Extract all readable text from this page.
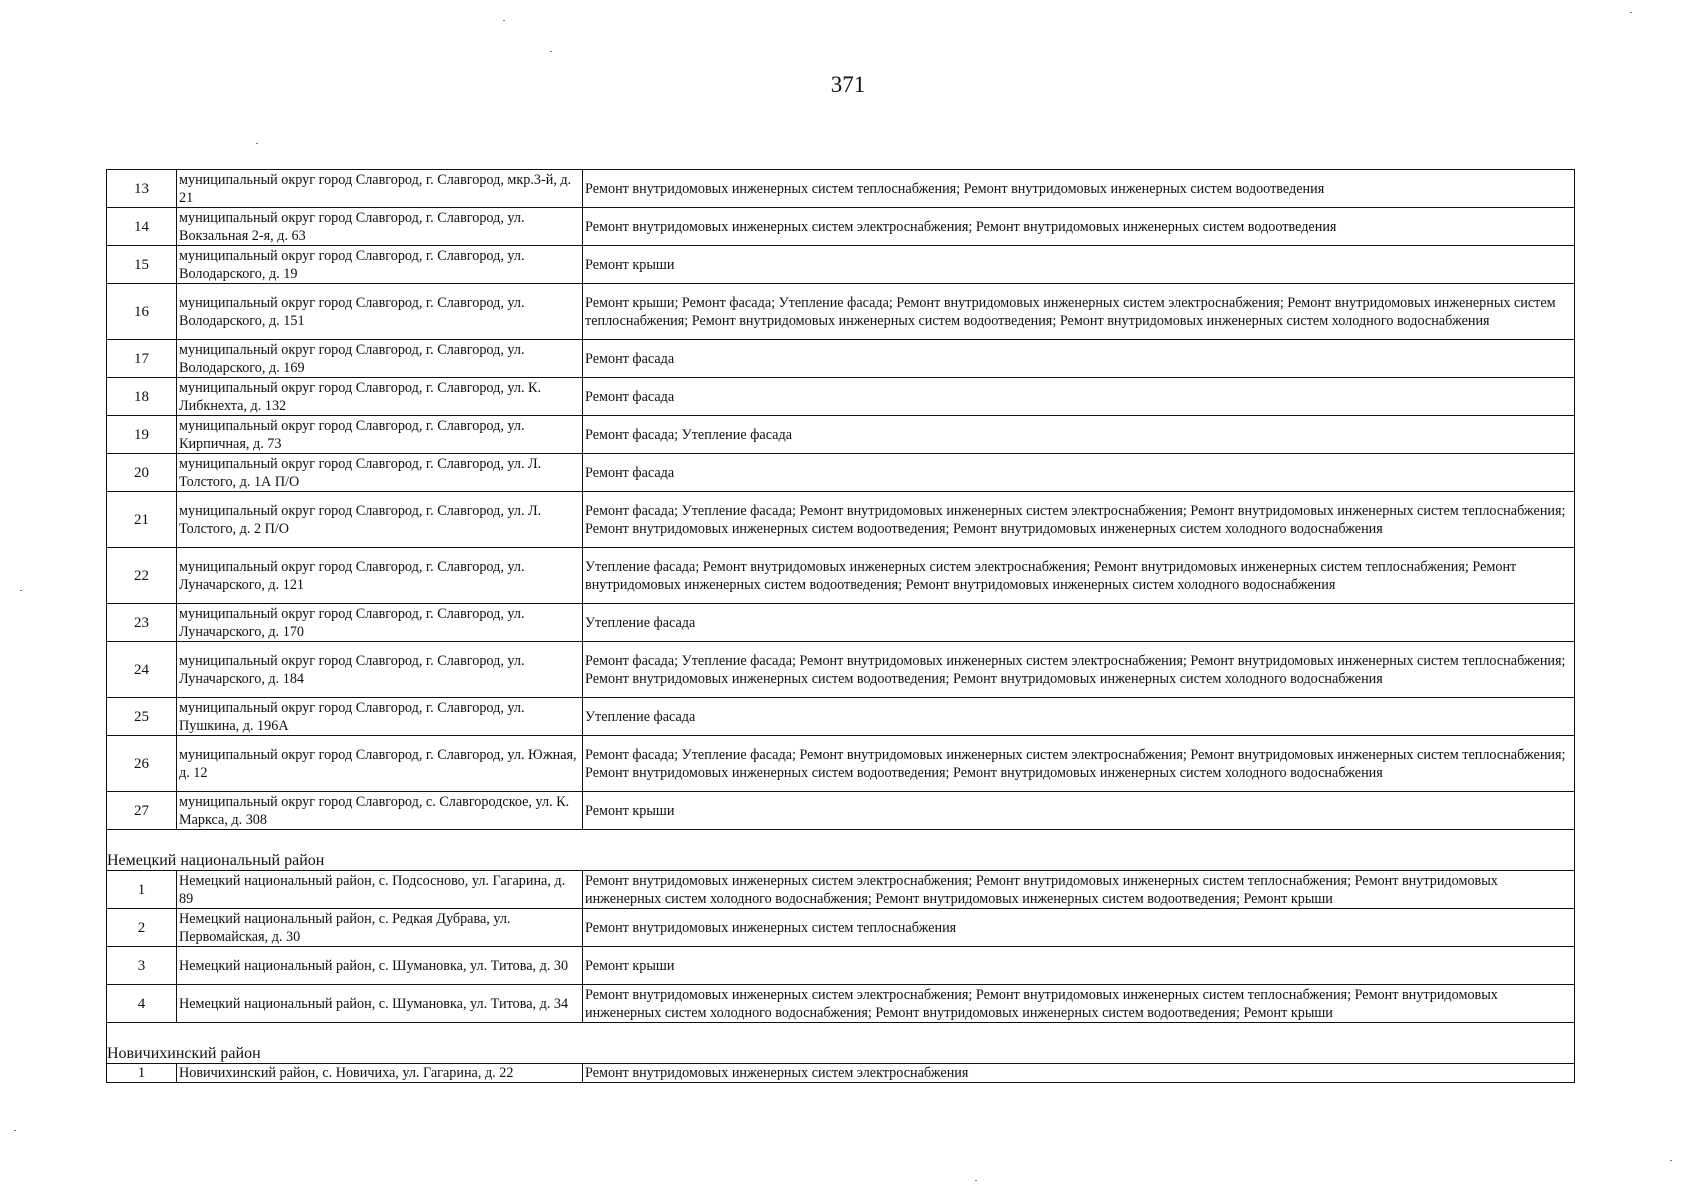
371
13	муниципальный округ город Славгород, г. Славгород, мкр.3-й, д. 21	Ремонт внутридомовых инженерных систем теплоснабжения; Ремонт внутридомовых инженерных систем водоотведения
14	муниципальный округ город Славгород, г. Славгород, ул. Вокзальная 2-я, д. 63	Ремонт внутридомовых инженерных систем электроснабжения; Ремонт внутридомовых инженерных систем водоотведения
15	муниципальный округ город Славгород, г. Славгород, ул. Володарского, д. 19	Ремонт крыши
16	муниципальный округ город Славгород, г. Славгород, ул. Володарского, д. 151	Ремонт крыши; Ремонт фасада; Утепление фасада; Ремонт внутридомовых инженерных систем электроснабжения; Ремонт внутридомовых инженерных систем теплоснабжения; Ремонт внутридомовых инженерных систем водоотведения; Ремонт внутридомовых инженерных систем холодного водоснабжения
17	муниципальный округ город Славгород, г. Славгород, ул. Володарского, д. 169	Ремонт фасада
18	муниципальный округ город Славгород, г. Славгород, ул. К. Либкнехта, д. 132	Ремонт фасада
19	муниципальный округ город Славгород, г. Славгород, ул. Кирпичная, д. 73	Ремонт фасада; Утепление фасада
20	муниципальный округ город Славгород, г. Славгород, ул. Л. Толстого, д. 1А П/О	Ремонт фасада
21	муниципальный округ город Славгород, г. Славгород, ул. Л. Толстого, д. 2 П/О	Ремонт фасада; Утепление фасада; Ремонт внутридомовых инженерных систем электроснабжения; Ремонт внутридомовых инженерных систем теплоснабжения; Ремонт внутридомовых инженерных систем водоотведения; Ремонт внутридомовых инженерных систем холодного водоснабжения
22	муниципальный округ город Славгород, г. Славгород, ул. Луначарского, д. 121	Утепление фасада; Ремонт внутридомовых инженерных систем электроснабжения; Ремонт внутридомовых инженерных систем теплоснабжения; Ремонт внутридомовых инженерных систем водоотведения; Ремонт внутридомовых инженерных систем холодного водоснабжения
23	муниципальный округ город Славгород, г. Славгород, ул. Луначарского, д. 170	Утепление фасада
24	муниципальный округ город Славгород, г. Славгород, ул. Луначарского, д. 184	Ремонт фасада; Утепление фасада; Ремонт внутридомовых инженерных систем электроснабжения; Ремонт внутридомовых инженерных систем теплоснабжения; Ремонт внутридомовых инженерных систем водоотведения; Ремонт внутридомовых инженерных систем холодного водоснабжения
25	муниципальный округ город Славгород, г. Славгород, ул. Пушкина, д. 196А	Утепление фасада
26	муниципальный округ город Славгород, г. Славгород, ул. Южная, д. 12	Ремонт фасада; Утепление фасада; Ремонт внутридомовых инженерных систем электроснабжения; Ремонт внутридомовых инженерных систем теплоснабжения; Ремонт внутридомовых инженерных систем водоотведения; Ремонт внутридомовых инженерных систем холодного водоснабжения
27	муниципальный округ город Славгород, с. Славгородское, ул. К. Маркса, д. 308	Ремонт крыши
Немецкий национальный район		
1	Немецкий национальный район, с. Подсосново, ул. Гагарина, д. 89	Ремонт внутридомовых инженерных систем электроснабжения; Ремонт внутридомовых инженерных систем теплоснабжения; Ремонт внутридомовых инженерных систем холодного водоснабжения; Ремонт внутридомовых инженерных систем водоотведения; Ремонт крыши
2	Немецкий национальный район, с. Редкая Дубрава, ул. Первомайская, д. 30	Ремонт внутридомовых инженерных систем теплоснабжения
3	Немецкий национальный район, с. Шумановка, ул. Титова, д. 30	Ремонт крыши
4	Немецкий национальный район, с. Шумановка, ул. Титова, д. 34	Ремонт внутридомовых инженерных систем электроснабжения; Ремонт внутридомовых инженерных систем теплоснабжения; Ремонт внутридомовых инженерных систем холодного водоснабжения; Ремонт внутридомовых инженерных систем водоотведения; Ремонт крыши
Новичихинский район		
1	Новичихинский район, с. Новичиха, ул. Гагарина, д. 22	Ремонт внутридомовых инженерных систем электроснабжения
